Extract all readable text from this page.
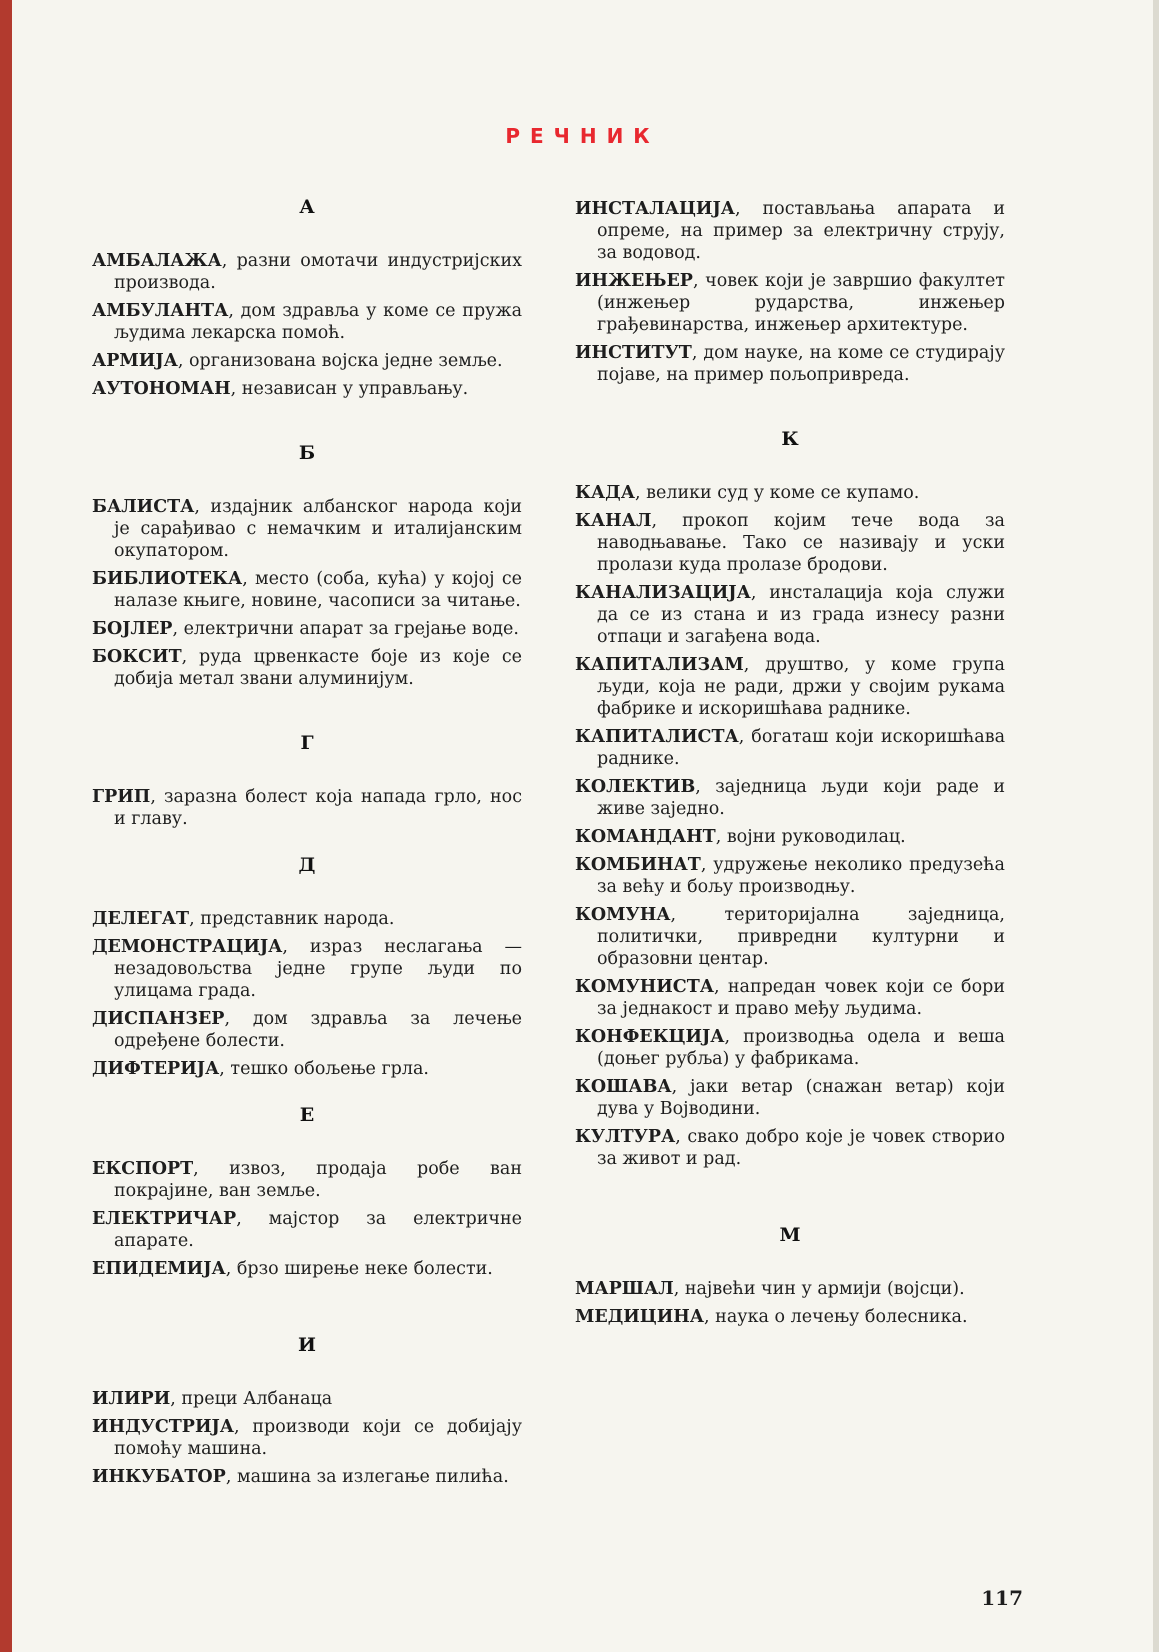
РЕЧНИК
А

АМБАЛАЖА, разни омотачи индустријских производа.

АМБУЛАНТА, дом здравља у коме се пружа људима лекарска помоћ.

АРМИЈА, организована војска једне земље.

АУТОНОМАН, независан у управљању.

Б

БАЛИСТА, издајник албанског народа који је сарађивао с немачким и италијанским окупатором.

БИБЛИОТЕКА, место (соба, кућа) у којој се налазе књиге, новине, часописи за читање.

БОЈЛЕР, електрични апарат за грејање воде.

БОКСИТ, руда црвенкасте боје из које се добија метал звани алуминијум.

Г

ГРИП, заразна болест која напада грло, нос и главу.

Д

ДЕЛЕГАТ, представник народа.

ДЕМОНСТРАЦИЈА, израз неслагања — незадовољства једне групе људи по улицама града.

ДИСПАНЗЕР, дом здравља за лечење одређене болести.

ДИФТЕРИЈА, тешко обољење грла.

Е

ЕКСПОРТ, извоз, продаја робе ван покрајине, ван земље.

ЕЛЕКТРИЧАР, мајстор за електричне апарате.

ЕПИДЕМИЈА, брзо ширење неке болести.

И

ИЛИРИ, преци Албанаца

ИНДУСТРИЈА, производи који се добијају помоћу машина.

ИНКУБАТОР, машина за излегање пилића.

ИНСТАЛАЦИЈА, постављања апарата и опреме, на пример за електричну струју, за водовод.

ИНЖЕЊЕР, човек који је завршио факултет (инжењер рударства, инжењер грађевинарства, инжењер архитектуре.

ИНСТИТУТ, дом науке, на коме се студирају појаве, на пример пољопривреда.

К

КАДА, велики суд у коме се купамо.

КАНАЛ, прокоп којим тече вода за наводњавање. Тако се називају и уски пролази куда пролазе бродови.

КАНАЛИЗАЦИЈА, инсталација која служи да се из стана и из града изнесу разни отпаци и загађена вода.

КАПИТАЛИЗАМ, друштво, у коме група људи, која не ради, држи у својим рукама фабрике и искоришћава раднике.

КАПИТАЛИСТА, богаташ који искоришћава раднике.

КОЛЕКТИВ, заједница људи који раде и живе заједно.

КОМАНДАНТ, војни руководилац.

КОМБИНАТ, удружење неколико предузећа за већу и бољу производњу.

КОМУНА, територијална заједница, политички, привредни културни и образовни центар.

КОМУНИСТА, напредан човек који се бори за једнакост и право међу људима.

КОНФЕКЦИЈА, производња одела и веша (доњег рубља) у фабрикама.

КОШАВА, јаки ветар (снажан ветар) који дува у Војводини.

КУЛТУРА, свако добро које је човек створио за живот и рад.

М

МАРШАЛ, највећи чин у армији (војсци).

МЕДИЦИНА, наука о лечењу болесника.

117
